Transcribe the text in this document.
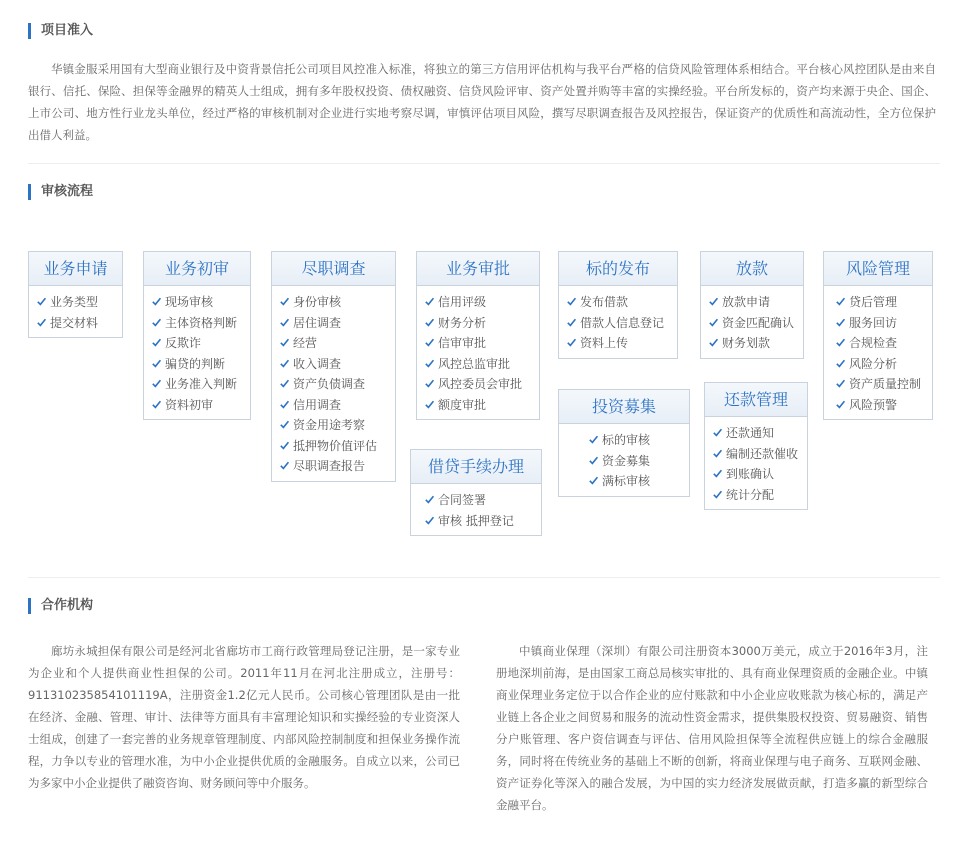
项目准入

华镇金服采用国有大型商业银行及中资背景信托公司项目风控准入标准，将独立的第三方信用评估机构与我平台严格的信贷风险管理体系相结合。平台核心风控团队是由来自银行、信托、保险、担保等金融界的精英人士组成，拥有多年股权投资、债权融资、信贷风险评审、资产处置并购等丰富的实操经验。平台所发标的，资产均来源于央企、国企、上市公司、地方性行业龙头单位，经过严格的审核机制对企业进行实地考察尽调，审慎评估项目风险，撰写尽职调查报告及风控报告，保证资产的优质性和高流动性，全方位保护出借人利益。

审核流程
业务申请
业务类型
提交材料
业务初审
现场审核
主体资格判断
反欺诈
骗贷的判断
业务准入判断
资料初审
尽职调查
身份审核
居住调查
经营
收入调查
资产负债调查
信用调查
资金用途考察
抵押物价值评估
尽职调查报告
业务审批
信用评级
财务分析
信审审批
风控总监审批
风控委员会审批
额度审批
借贷手续办理
合同签署
审核 抵押登记
标的发布
发布借款
借款人信息登记
资料上传
投资募集
标的审核
资金募集
满标审核
放款
放款申请
资金匹配确认
财务划款
还款管理
还款通知
编制还款催收
到账确认
统计分配
风险管理
贷后管理
服务回访
合规检查
风险分析
资产质量控制
风险预警
合作机构

廊坊永城担保有限公司是经河北省廊坊市工商行政管理局登记注册，是一家专业为企业和个人提供商业性担保的公司。2011年11月在河北注册成立，注册号：911310235854101119A，注册资金1.2亿元人民币。公司核心管理团队是由一批在经济、金融、管理、审计、法律等方面具有丰富理论知识和实操经验的专业资深人士组成，创建了一套完善的业务规章管理制度、内部风险控制制度和担保业务操作流程，力争以专业的管理水准，为中小企业提供优质的金融服务。自成立以来，公司已为多家中小企业提供了融资咨询、财务顾问等中介服务。

中镇商业保理（深圳）有限公司注册资本3000万美元，成立于2016年3月，注册地深圳前海，是由国家工商总局核实审批的、具有商业保理资质的金融企业。中镇商业保理业务定位于以合作企业的应付账款和中小企业应收账款为核心标的，满足产业链上各企业之间贸易和服务的流动性资金需求，提供集股权投资、贸易融资、销售分户账管理、客户资信调查与评估、信用风险担保等全流程供应链上的综合金融服务，同时将在传统业务的基础上不断的创新，将商业保理与电子商务、互联网金融、资产证券化等深入的融合发展，为中国的实力经济发展做贡献，打造多赢的新型综合金融平台。
